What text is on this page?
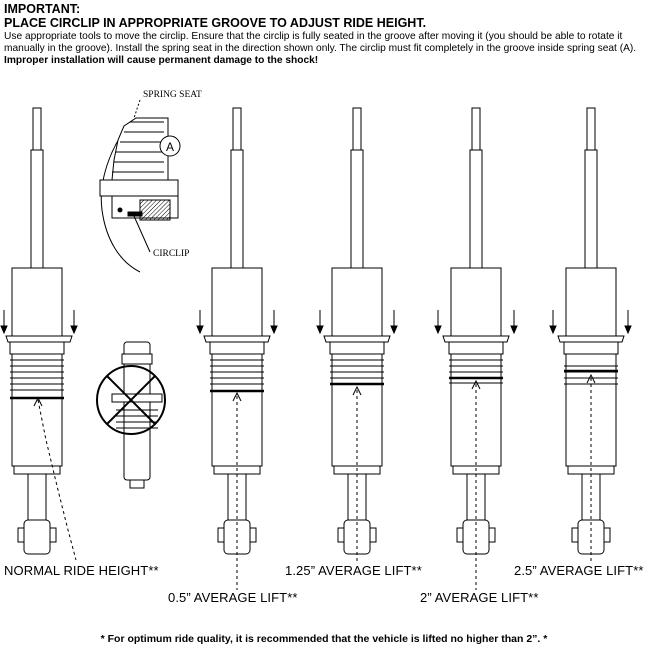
IMPORTANT:
PLACE CIRCLIP IN APPROPRIATE GROOVE TO ADJUST RIDE HEIGHT.
Use appropriate tools to move the circlip. Ensure that the circlip is fully seated in the groove after moving it (you should be able to rotate it manually in the groove). Install the spring seat in the direction shown only. The circlip must fit completely in the groove inside spring seat (A). Improper installation will cause permanent damage to the shock!
A
SPRING SEAT
CIRCLIP
NORMAL RIDE HEIGHT**
0.5” AVERAGE LIFT**
1.25” AVERAGE LIFT**
2” AVERAGE LIFT**
2.5” AVERAGE LIFT**
* For optimum ride quality, it is recommended that the vehicle is lifted no higher than 2”. *
